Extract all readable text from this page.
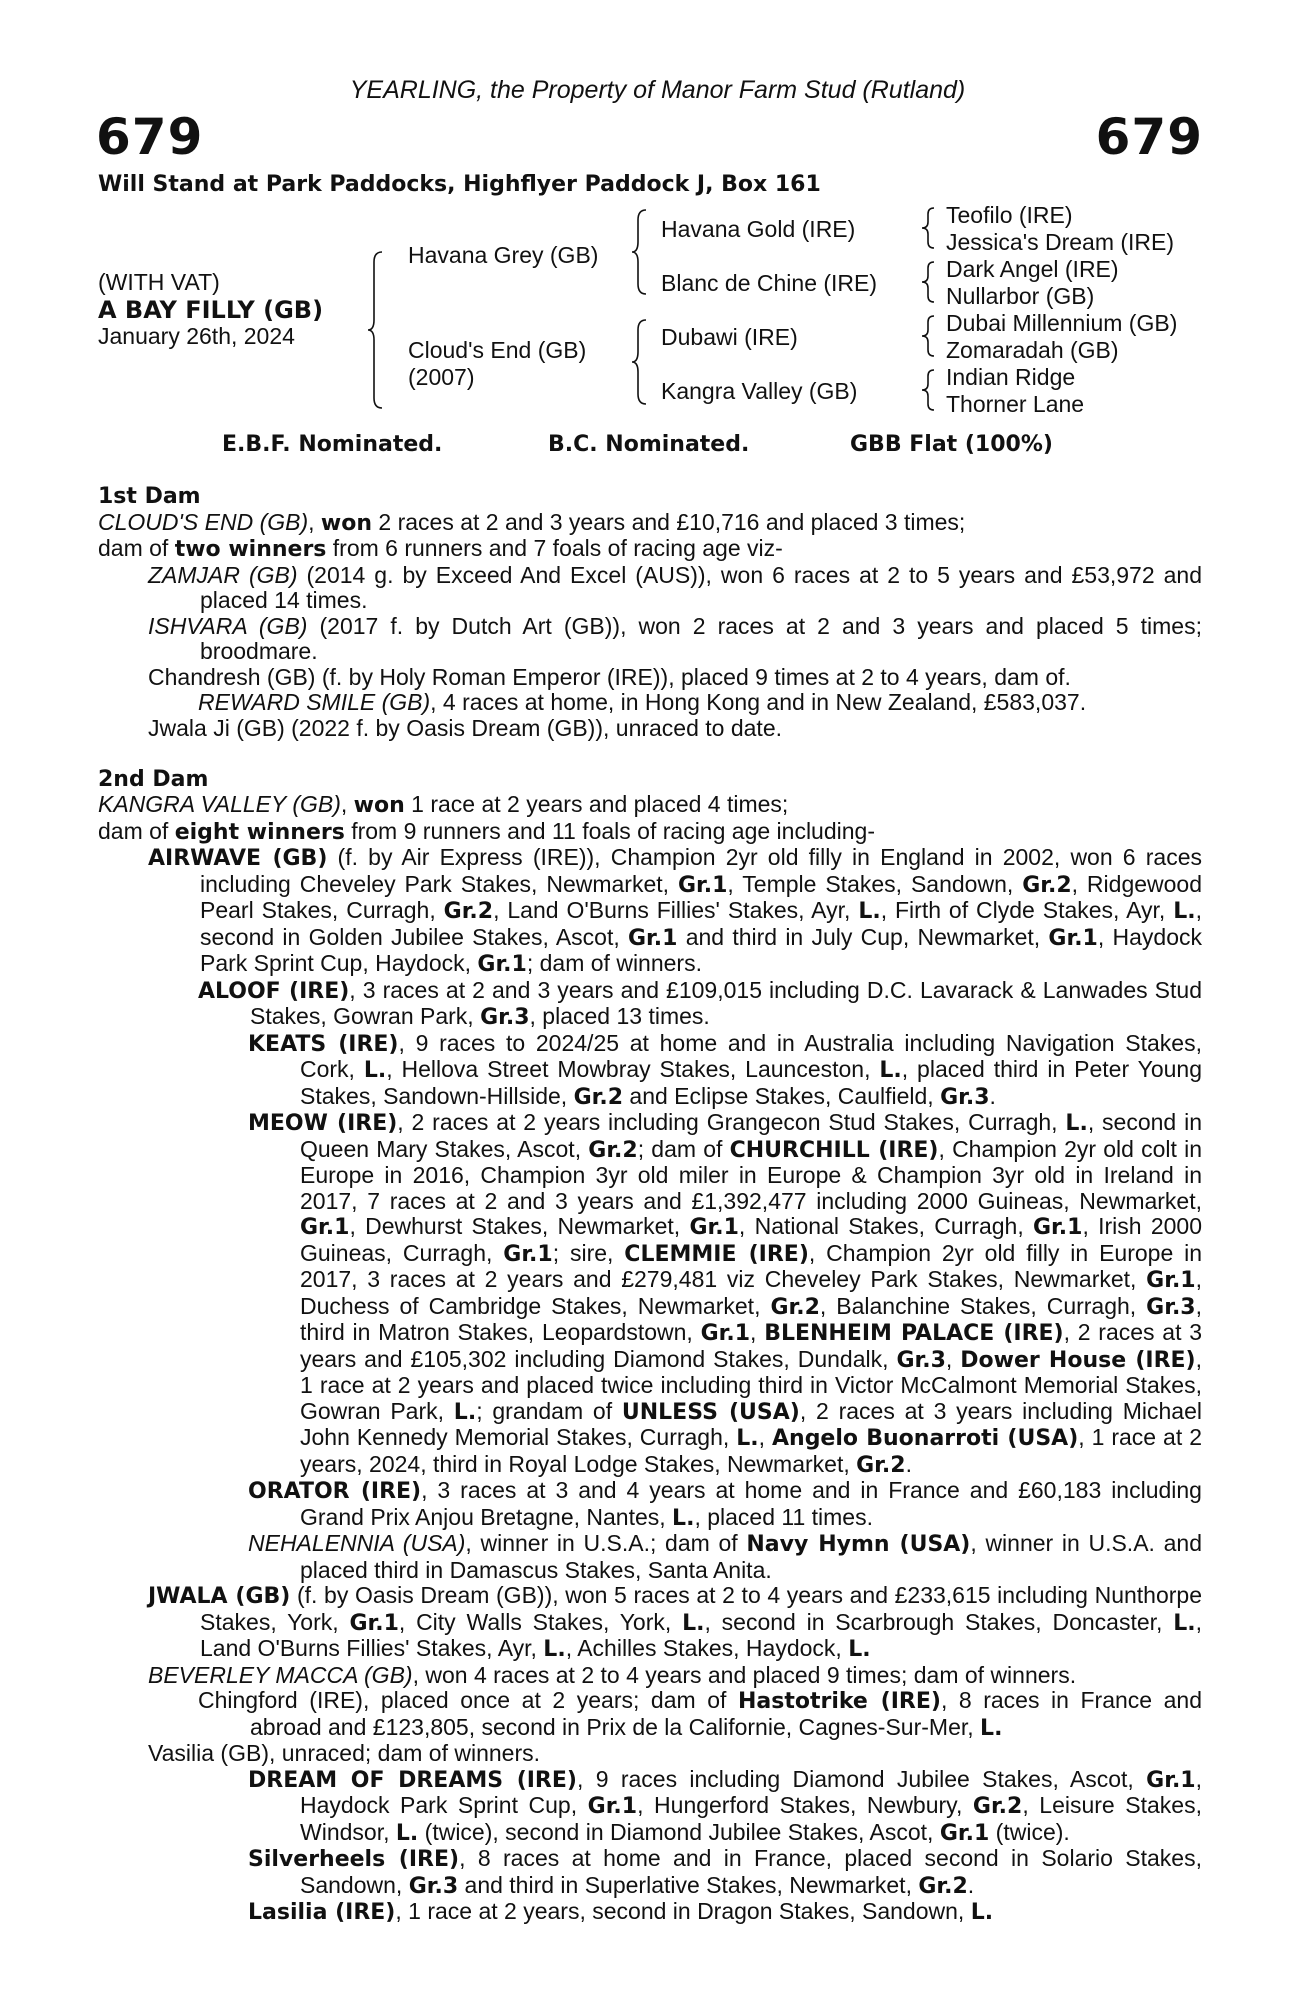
YEARLING, the Property of Manor Farm Stud (Rutland)
679	679
Will Stand at Park Paddocks, Highflyer Paddock J, Box 161
(WITH VAT)
A BAY FILLY (GB)
January 26th, 2024
Havana Grey (GB)
Cloud's End (GB)
(2007)
Havana Gold (IRE)
Blanc de Chine (IRE)
Dubawi (IRE)
Kangra Valley (GB)
Teofilo (IRE)
Jessica's Dream (IRE)
Dark Angel (IRE)
Nullarbor (GB)
Dubai Millennium (GB)
Zomaradah (GB)
Indian Ridge
Thorner Lane
E.B.F. Nominated.	B.C. Nominated.	GBB Flat (100%)
1st Dam

CLOUD'S END (GB), won 2 races at 2 and 3 years and £10,716 and placed 3 times;

dam of two winners from 6 runners and 7 foals of racing age viz-

ZAMJAR (GB) (2014 g. by Exceed And Excel (AUS)), won 6 races at 2 to 5 years and £53,972 and placed 14 times.

ISHVARA (GB) (2017 f. by Dutch Art (GB)), won 2 races at 2 and 3 years and placed 5 times; broodmare.

Chandresh (GB) (f. by Holy Roman Emperor (IRE)), placed 9 times at 2 to 4 years, dam of.

REWARD SMILE (GB), 4 races at home, in Hong Kong and in New Zealand, £583,037.

Jwala Ji (GB) (2022 f. by Oasis Dream (GB)), unraced to date.

2nd Dam

KANGRA VALLEY (GB), won 1 race at 2 years and placed 4 times;

dam of eight winners from 9 runners and 11 foals of racing age including-

AIRWAVE (GB) (f. by Air Express (IRE)), Champion 2yr old filly in England in 2002, won 6 races including Cheveley Park Stakes, Newmarket, Gr.1, Temple Stakes, Sandown, Gr.2, Ridgewood Pearl Stakes, Curragh, Gr.2, Land O'Burns Fillies' Stakes, Ayr, L., Firth of Clyde Stakes, Ayr, L., second in Golden Jubilee Stakes, Ascot, Gr.1 and third in July Cup, Newmarket, Gr.1, Haydock Park Sprint Cup, Haydock, Gr.1; dam of winners.

ALOOF (IRE), 3 races at 2 and 3 years and £109,015 including D.C. Lavarack & Lanwades Stud Stakes, Gowran Park, Gr.3, placed 13 times.

KEATS (IRE), 9 races to 2024/25 at home and in Australia including Navigation Stakes, Cork, L., Hellova Street Mowbray Stakes, Launceston, L., placed third in Peter Young Stakes, Sandown-Hillside, Gr.2 and Eclipse Stakes, Caulfield, Gr.3.

MEOW (IRE), 2 races at 2 years including Grangecon Stud Stakes, Curragh, L., second in Queen Mary Stakes, Ascot, Gr.2; dam of CHURCHILL (IRE), Champion 2yr old colt in Europe in 2016, Champion 3yr old miler in Europe & Champion 3yr old in Ireland in 2017, 7 races at 2 and 3 years and £1,392,477 including 2000 Guineas, Newmarket, Gr.1, Dewhurst Stakes, Newmarket, Gr.1, National Stakes, Curragh, Gr.1, Irish 2000 Guineas, Curragh, Gr.1; sire, CLEMMIE (IRE), Champion 2yr old filly in Europe in 2017, 3 races at 2 years and £279,481 viz Cheveley Park Stakes, Newmarket, Gr.1, Duchess of Cambridge Stakes, Newmarket, Gr.2, Balanchine Stakes, Curragh, Gr.3, third in Matron Stakes, Leopardstown, Gr.1, BLENHEIM PALACE (IRE), 2 races at 3 years and £105,302 including Diamond Stakes, Dundalk, Gr.3, Dower House (IRE), 1 race at 2 years and placed twice including third in Victor McCalmont Memorial Stakes, Gowran Park, L.; grandam of UNLESS (USA), 2 races at 3 years including Michael John Kennedy Memorial Stakes, Curragh, L., Angelo Buonarroti (USA), 1 race at 2 years, 2024, third in Royal Lodge Stakes, Newmarket, Gr.2.

ORATOR (IRE), 3 races at 3 and 4 years at home and in France and £60,183 including Grand Prix Anjou Bretagne, Nantes, L., placed 11 times.

NEHALENNIA (USA), winner in U.S.A.; dam of Navy Hymn (USA), winner in U.S.A. and placed third in Damascus Stakes, Santa Anita.

JWALA (GB) (f. by Oasis Dream (GB)), won 5 races at 2 to 4 years and £233,615 including Nunthorpe Stakes, York, Gr.1, City Walls Stakes, York, L., second in Scarbrough Stakes, Doncaster, L., Land O'Burns Fillies' Stakes, Ayr, L., Achilles Stakes, Haydock, L.

BEVERLEY MACCA (GB), won 4 races at 2 to 4 years and placed 9 times; dam of winners.

Chingford (IRE), placed once at 2 years; dam of Hastotrike (IRE), 8 races in France and abroad and £123,805, second in Prix de la Californie, Cagnes-Sur-Mer, L.

Vasilia (GB), unraced; dam of winners.

DREAM OF DREAMS (IRE), 9 races including Diamond Jubilee Stakes, Ascot, Gr.1, Haydock Park Sprint Cup, Gr.1, Hungerford Stakes, Newbury, Gr.2, Leisure Stakes, Windsor, L. (twice), second in Diamond Jubilee Stakes, Ascot, Gr.1 (twice).

Silverheels (IRE), 8 races at home and in France, placed second in Solario Stakes, Sandown, Gr.3 and third in Superlative Stakes, Newmarket, Gr.2.

Lasilia (IRE), 1 race at 2 years, second in Dragon Stakes, Sandown, L.
